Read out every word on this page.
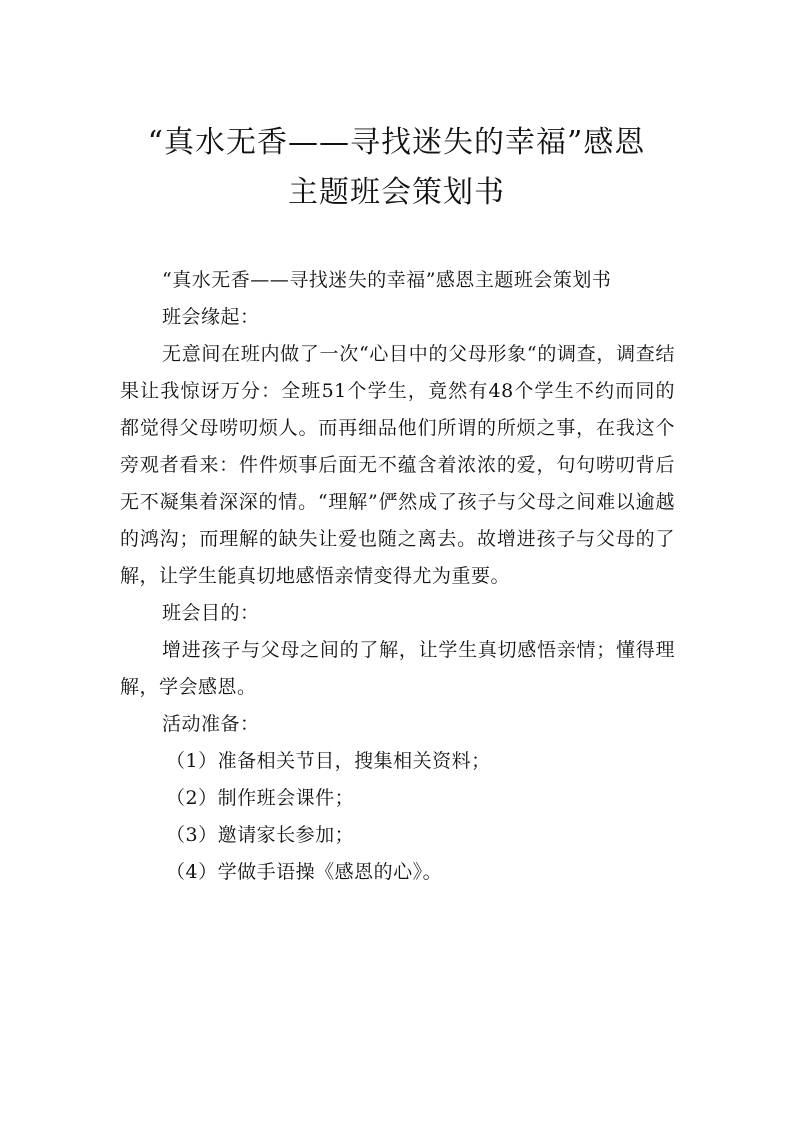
“真水无香——寻找迷失的幸福”感恩
主题班会策划书

“真水无香——寻找迷失的幸福”感恩主题班会策划书

班会缘起：

无意间在班内做了一次“心目中的父母形象“的调查，调查结果让我惊讶万分：全班51个学生，竟然有48个学生不约而同的都觉得父母唠叨烦人。而再细品他们所谓的所烦之事，在我这个旁观者看来：件件烦事后面无不蕴含着浓浓的爱，句句唠叨背后无不凝集着深深的情。“理解”俨然成了孩子与父母之间难以逾越的鸿沟；而理解的缺失让爱也随之离去。故增进孩子与父母的了解，让学生能真切地感悟亲情变得尤为重要。

班会目的：

增进孩子与父母之间的了解，让学生真切感悟亲情；懂得理解，学会感恩。

活动准备：

（1）准备相关节目，搜集相关资料；

（2）制作班会课件；

（3）邀请家长参加；

（4）学做手语操《感恩的心》。
